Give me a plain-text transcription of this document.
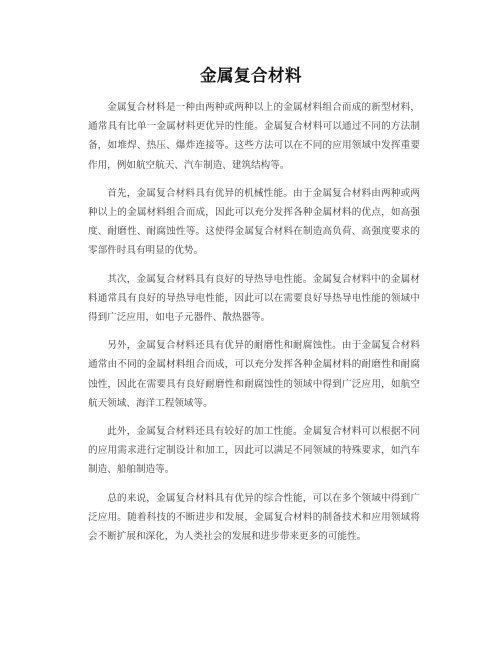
金属复合材料

金属复合材料是一种由两种或两种以上的金属材料组合而成的新型材料，通常具有比单一金属材料更优异的性能。金属复合材料可以通过不同的方法制备，如堆焊、热压、爆炸连接等。这些方法可以在不同的应用领域中发挥重要作用，例如航空航天、汽车制造、建筑结构等。

首先，金属复合材料具有优异的机械性能。由于金属复合材料由两种或两种以上的金属材料组合而成，因此可以充分发挥各种金属材料的优点，如高强度、耐磨性、耐腐蚀性等。这使得金属复合材料在制造高负荷、高强度要求的零部件时具有明显的优势。

其次，金属复合材料具有良好的导热导电性能。金属复合材料中的金属材料通常具有良好的导热导电性能，因此可以在需要良好导热导电性能的领域中得到广泛应用，如电子元器件、散热器等。

另外，金属复合材料还具有优异的耐磨性和耐腐蚀性。由于金属复合材料通常由不同的金属材料组合而成，可以充分发挥各种金属材料的耐磨性和耐腐蚀性，因此在需要具有良好耐磨性和耐腐蚀性的领域中得到广泛应用，如航空航天领域、海洋工程领域等。

此外，金属复合材料还具有较好的加工性能。金属复合材料可以根据不同的应用需求进行定制设计和加工，因此可以满足不同领域的特殊要求，如汽车制造、船舶制造等。

总的来说，金属复合材料具有优异的综合性能，可以在多个领域中得到广泛应用。随着科技的不断进步和发展，金属复合材料的制备技术和应用领域将会不断扩展和深化，为人类社会的发展和进步带来更多的可能性。
